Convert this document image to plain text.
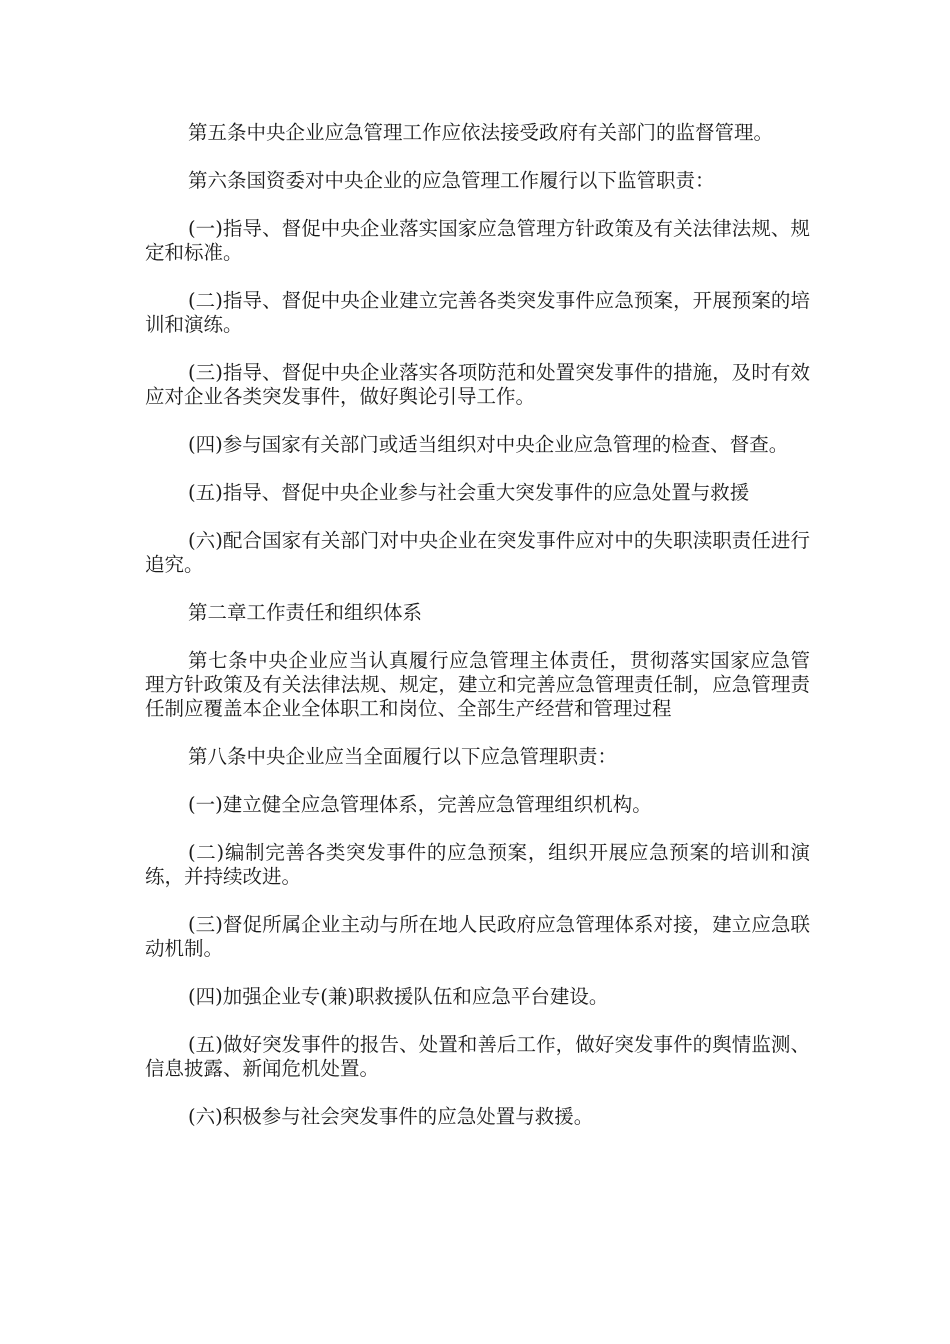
第五条中央企业应急管理工作应依法接受政府有关部门的监督管理。

第六条国资委对中央企业的应急管理工作履行以下监管职责：

(一)指导、督促中央企业落实国家应急管理方针政策及有关法律法规、规定和标准。

(二)指导、督促中央企业建立完善各类突发事件应急预案，开展预案的培训和演练。

(三)指导、督促中央企业落实各项防范和处置突发事件的措施，及时有效应对企业各类突发事件，做好舆论引导工作。

(四)参与国家有关部门或适当组织对中央企业应急管理的检查、督查。

(五)指导、督促中央企业参与社会重大突发事件的应急处置与救援

(六)配合国家有关部门对中央企业在突发事件应对中的失职渎职责任进行追究。

第二章工作责任和组织体系

第七条中央企业应当认真履行应急管理主体责任，贯彻落实国家应急管理方针政策及有关法律法规、规定，建立和完善应急管理责任制，应急管理责任制应覆盖本企业全体职工和岗位、全部生产经营和管理过程

第八条中央企业应当全面履行以下应急管理职责：

(一)建立健全应急管理体系，完善应急管理组织机构。

(二)编制完善各类突发事件的应急预案，组织开展应急预案的培训和演练，并持续改进。

(三)督促所属企业主动与所在地人民政府应急管理体系对接，建立应急联动机制。

(四)加强企业专(兼)职救援队伍和应急平台建设。

(五)做好突发事件的报告、处置和善后工作，做好突发事件的舆情监测、信息披露、新闻危机处置。

(六)积极参与社会突发事件的应急处置与救援。
